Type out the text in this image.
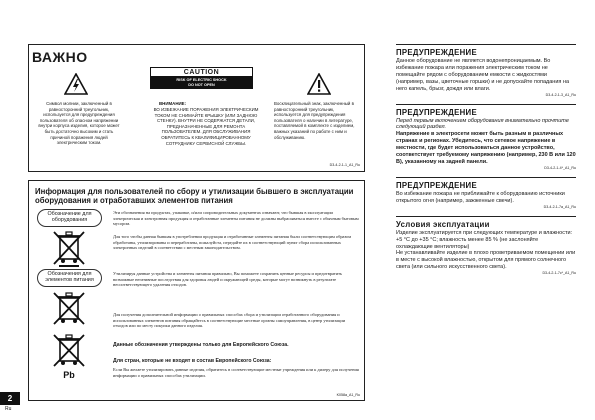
ВАЖНО
CAUTION
RISK OF ELECTRIC SHOCK
DO NOT OPEN
Символ молнии, заключенный в равносторонний треугольник, используется для предупреждения пользователя об опасном напряжении внутри корпуса изделия, которое может быть достаточно высоким и стать причиной поражения людей электрическим током.
ВНИМАНИЕ:
ВО ИЗБЕЖАНИЕ ПОРАЖЕНИЯ ЭЛЕКТРИЧЕСКИМ ТОКОМ НЕ СНИМАЙТЕ КРЫШКУ (ИЛИ ЗАДНЮЮ СТЕНКУ). ВНУТРИ НЕ СОДЕРЖАТСЯ ДЕТАЛИ, ПРЕДНАЗНАЧЕННЫЕ ДЛЯ РЕМОНТА ПОЛЬЗОВАТЕЛЕМ. ДЛЯ ОБСЛУЖИВАНИЯ ОБРАТИТЕСЬ К КВАЛИФИЦИРОВАННОМУ СОТРУДНИКУ СЕРВИСНОЙ СЛУЖБЫ.
Восклицательный знак, заключенный в равносторонний треугольник, используется для предупреждения пользователя о наличии в литературе, поставляемой в комплекте с изделием, важных указаний по работе с ним и обслуживанию.
D3-4-2-1-1_A1_Ru
Информация для пользователей по сбору и утилизации бывшего в эксплуатации оборудования и отработавших элементов питания
Обозначение для оборудования
Обозначения для элементов питания
Pb
Эти обозначения на продуктах, упаковке, и/или сопроводительных документах означают, что бывшая в эксплуатации электрическая и электронная продукция и отработанные элементы питания не должны выбрасываться вместе с обычным бытовым мусором.
Для того чтобы данная бывшая в употреблении продукция и отработанные элементы питания были соответствующим образом обработаны, утилизированы и переработаны, пожалуйста, передайте их в соответствующий пункт сбора использованных электронных изделий в соответствии с местным законодательством.
Утилизируя данные устройства и элементы питания правильно, Вы поможете сохранить ценные ресурсы и предотвратить возможные негативные последствия для здоровья людей и окружающей среды, которые могут возникнуть в результате несоответствующего удаления отходов.
Для получения дополнительной информации о правильных способах сбора и утилизации отработанного оборудования и использованных элементов питания обращайтесь в соответствующие местные органы самоуправления, в центр утилизации отходов или по месту покупки данного изделия.
Данные обозначения утверждены только для Европейского Союза.
Для стран, которые не входят в состав Европейского Союза:
Если Вы желаете утилизировать данные изделия, обратитесь в соответствующие местные учреждения или к дилеру для получения информации о правильных способах утилизации.
K058a_A1_Ru
ПРЕДУПРЕЖДЕНИЕ
Данное оборудование не является водонепроницаемым. Во избежание пожара или поражения электрическим током не помещайте рядом с оборудованием емкости с жидкостями (например, вазы, цветочные горшки) и не допускайте попадания на него капель, брызг, дождя или влаги.
D3-4-2-1-3_A1_Ru
ПРЕДУПРЕЖДЕНИЕ
Перед первым включением оборудования внимательно прочтите следующий раздел.
Напряжение в электросети может быть разным в различных странах и регионах. Убедитесь, что сетевое напряжение в местности, где будет использоваться данное устройство, соответствует требуемому напряжению (например, 230 В или 120 В), указанному на задней панели.
D3-4-2-1-4*_A1_Ru
ПРЕДУПРЕЖДЕНИЕ
Во избежание пожара не приближайте к оборудованию источники открытого огня (например, зажженные свечи).
D3-4-2-1-7a_A1_Ru
Условия эксплуатации
Изделие эксплуатируется при следующих температуре и влажности:
+5 °C до +35 °C; влажность менее 85 % (не заслоняйте охлаждающие вентиляторы)
Не устанавливайте изделие в плохо проветриваемом помещении или в месте с высокой влажностью, открытом для прямого солнечного света (или сильного искусственного света).
D3-4-2-1-7c*_A1_Ru
2
Ru
